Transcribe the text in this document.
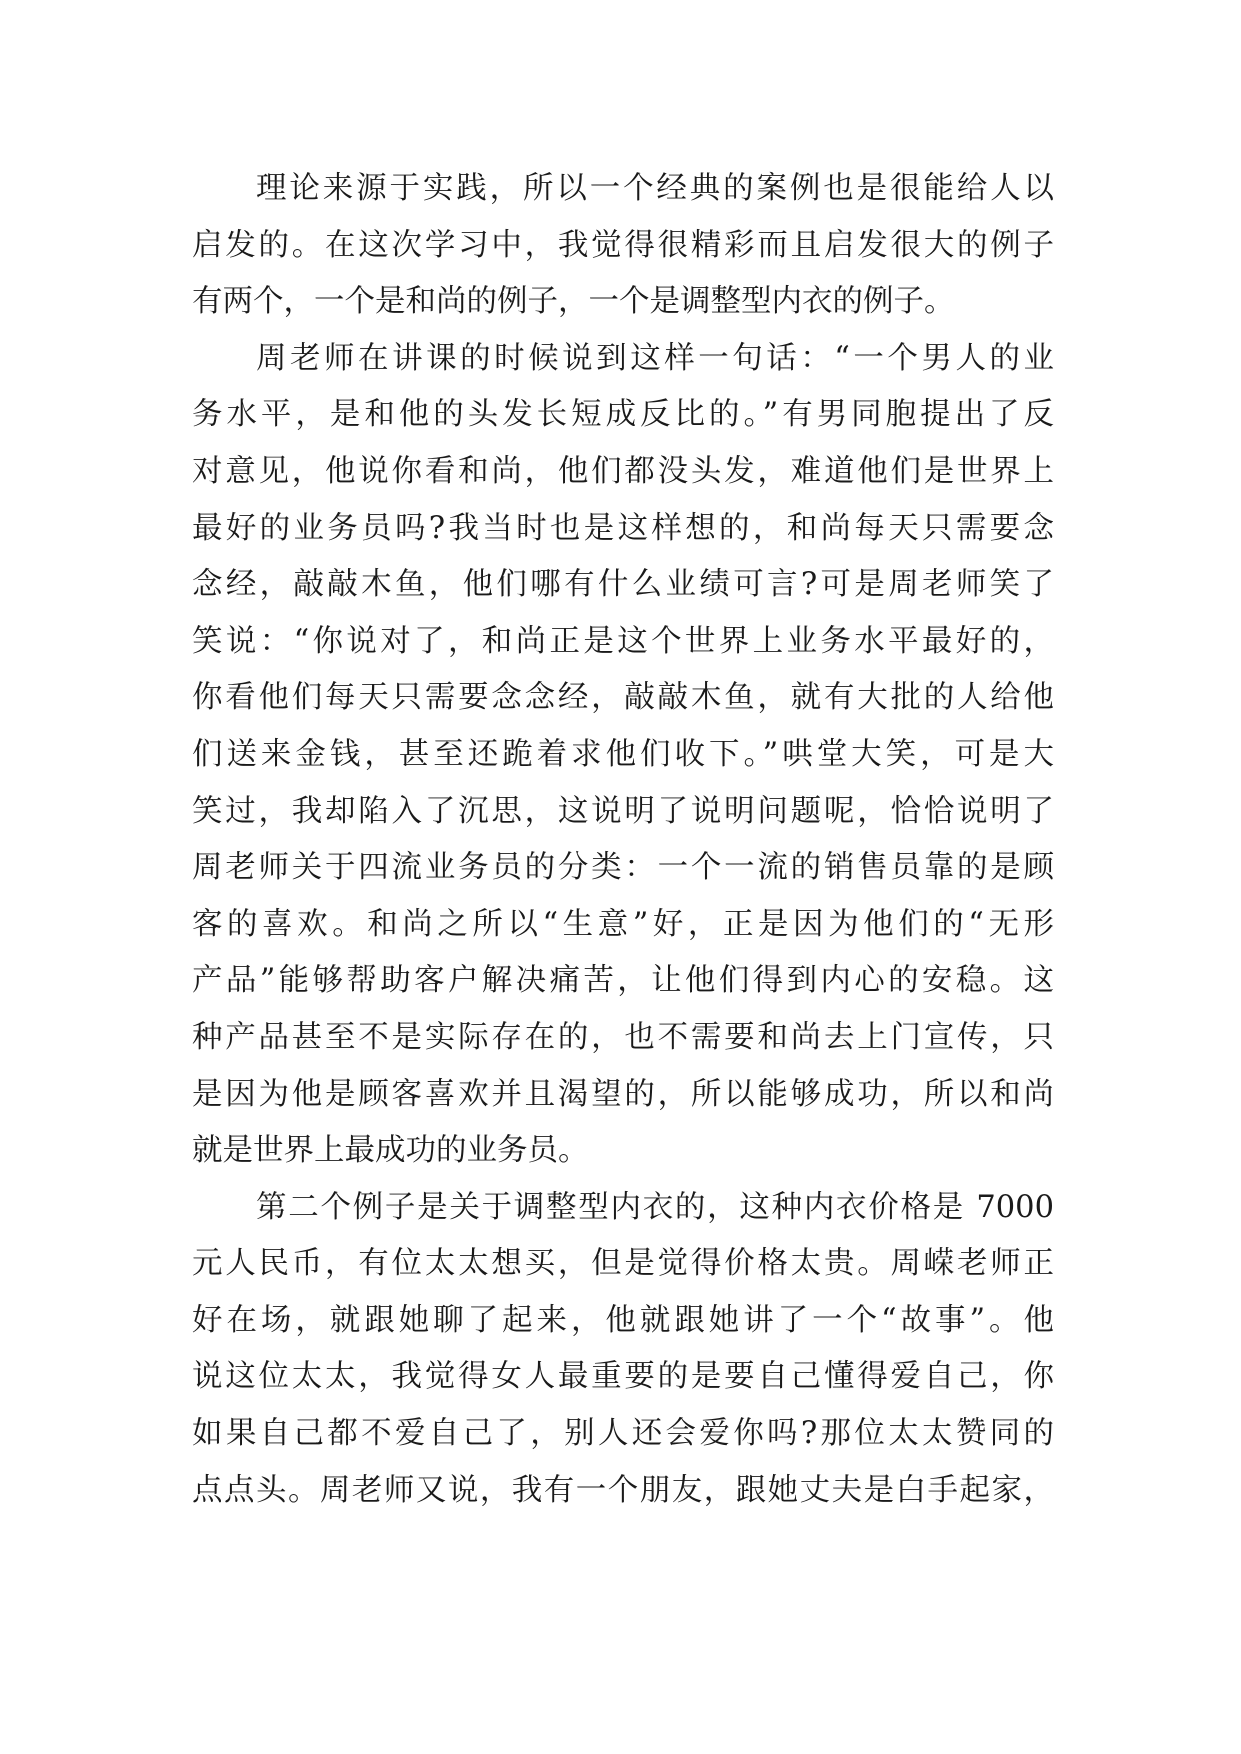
理论来源于实践，所以一个经典的案例也是很能给人以
启发的。在这次学习中，我觉得很精彩而且启发很大的例子
有两个，一个是和尚的例子，一个是调整型内衣的例子。
周老师在讲课的时候说到这样一句话：“一个男人的业
务水平，是和他的头发长短成反比的。”有男同胞提出了反
对意见，他说你看和尚，他们都没头发，难道他们是世界上
最好的业务员吗?我当时也是这样想的，和尚每天只需要念
念经，敲敲木鱼，他们哪有什么业绩可言?可是周老师笑了
笑说：“你说对了，和尚正是这个世界上业务水平最好的，
你看他们每天只需要念念经，敲敲木鱼，就有大批的人给他
们送来金钱，甚至还跪着求他们收下。”哄堂大笑，可是大
笑过，我却陷入了沉思，这说明了说明问题呢，恰恰说明了
周老师关于四流业务员的分类：一个一流的销售员靠的是顾
客的喜欢。和尚之所以“生意”好，正是因为他们的“无形
产品”能够帮助客户解决痛苦，让他们得到内心的安稳。这
种产品甚至不是实际存在的，也不需要和尚去上门宣传，只
是因为他是顾客喜欢并且渴望的，所以能够成功，所以和尚
就是世界上最成功的业务员。
第二个例子是关于调整型内衣的，这种内衣价格是 7000
元人民币，有位太太想买，但是觉得价格太贵。周嵘老师正
好在场，就跟她聊了起来，他就跟她讲了一个“故事”。他
说这位太太，我觉得女人最重要的是要自己懂得爱自己，你
如果自己都不爱自己了，别人还会爱你吗?那位太太赞同的
点点头。周老师又说，我有一个朋友，跟她丈夫是白手起家，
